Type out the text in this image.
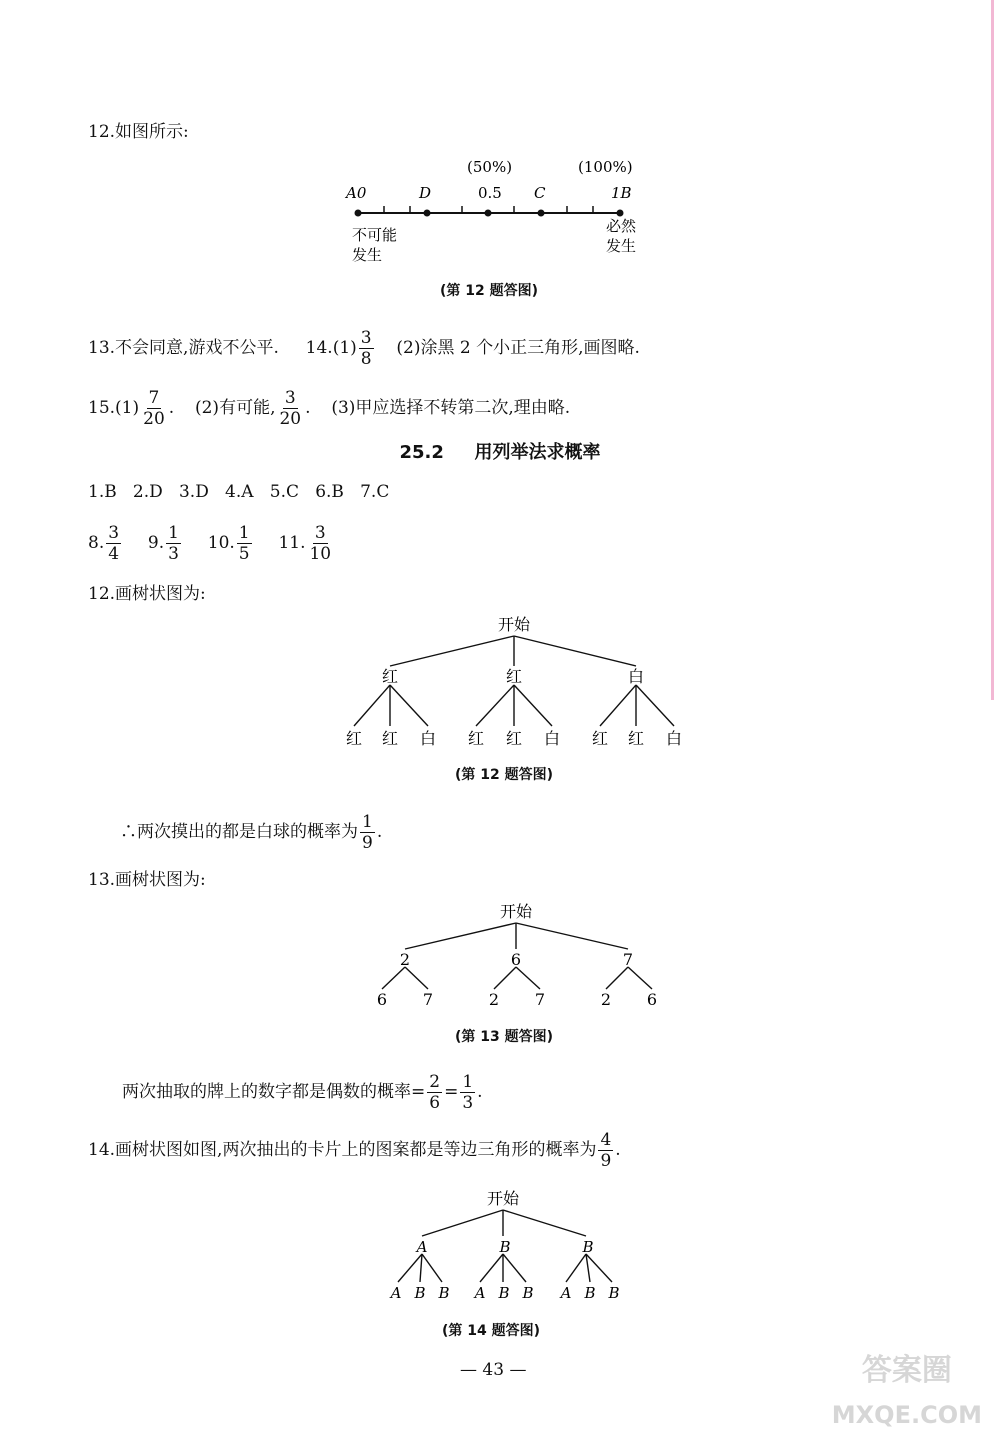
12.如图所示:
(50%)	(100%)
A0	D	0.5 C	1B
不可能
发生
必然
发生
(第 12 题答图)
13.不会同意,游戏不公平. $14.(1) \frac{3}{8} (2)$涂黑 2 个小正三角形,画图略.
$15.(1) \frac{7}{20}$ . (2)有可能, $\frac{3}{20}$ . (3)甲应选择不转第二次,理由略.
25.2 用列举法求概率
1.B   2.D   3.D   4.A   5.C   6.B   7.C
8. $\frac{3}{4} 9$. $\frac{1}{3} 10$. $\frac{1}{5} 11$. $\frac{3}{10}$
12.画树状图为:
开始
红	红	白
红 红 白 红 红 白 红 红 白
(第 12 题答图)
∴两次摸出的都是白球的概率为 $\frac{1}{9}$ .
13.画树状图为:
开始
2	6	7
6 7	2 7	2 6
(第 13 题答图)
两次抽取的牌上的数字都是偶数的概率= $\frac{2}{6} = \frac{1}{3}$ .
14.画树状图如图,两次抽出的卡片上的图案都是等边三角形的概率为 $\frac{4}{9}$ .
开始
A	B	B
A B B A B B A B B
(第 14 题答图)
— 43 —	答案圈
MXQE.COM
